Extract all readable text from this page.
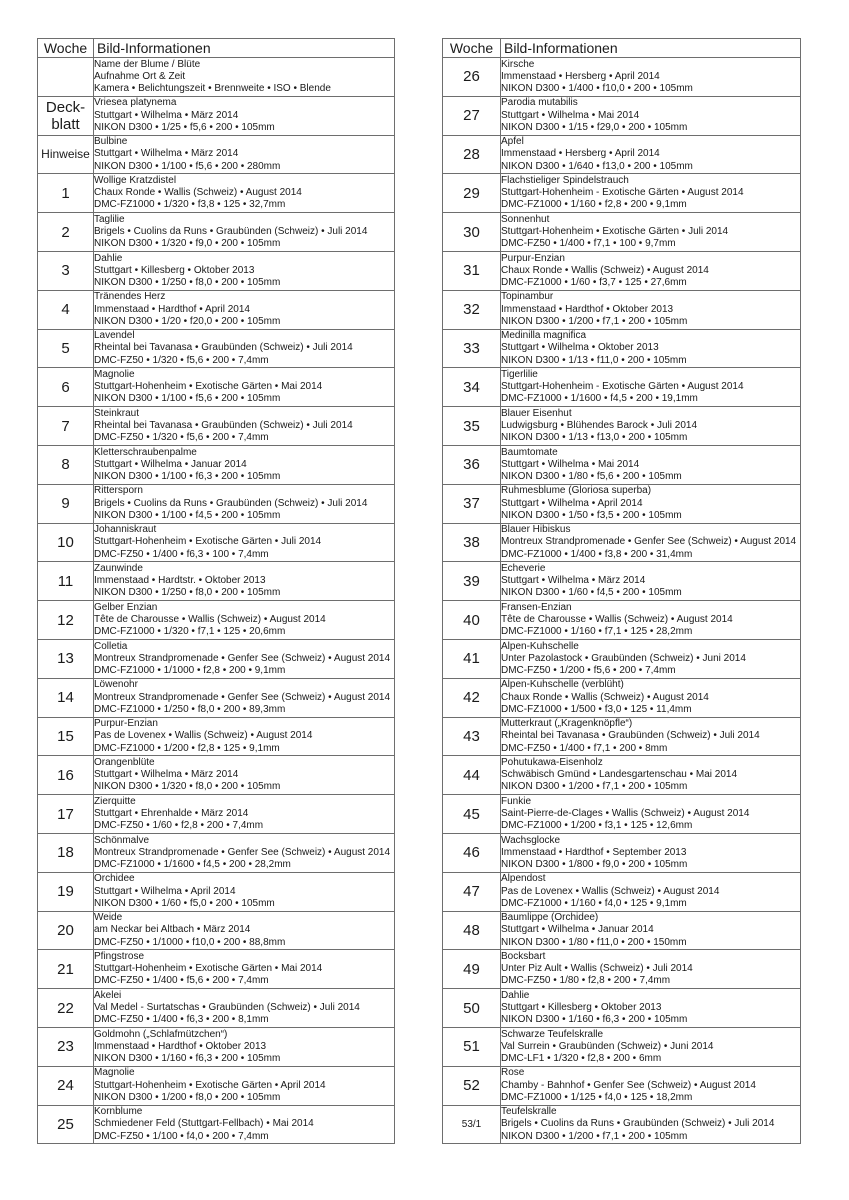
Woche	Bild-Informationen

	Name der Blume / Blüte
Aufnahme Ort & Zeit
Kamera • Belichtungszeit • Brennweite • ISO • Blende

Deck-
blatt	Vriesea platynema
Stuttgart • Wilhelma • März 2014
NIKON D300 • 1/25 • f5,6 • 200 • 105mm

Hinweise	Bulbine
Stuttgart • Wilhelma • März 2014
NIKON D300 • 1/100 • f5,6 • 200 • 280mm

1	Wollige Kratzdistel
Chaux Ronde • Wallis (Schweiz) • August 2014
DMC-FZ1000 • 1/320 • f3,8 • 125 • 32,7mm

2	Taglilie
Brigels • Cuolins da Runs • Graubünden (Schweiz) • Juli 2014
NIKON D300 • 1/320 • f9,0 • 200 • 105mm

3	Dahlie
Stuttgart • Killesberg • Oktober 2013
NIKON D300 • 1/250 • f8,0 • 200 • 105mm

4	Tränendes Herz
Immenstaad • Hardthof • April 2014
NIKON D300 • 1/20 • f20,0 • 200 • 105mm

5	Lavendel
Rheintal bei Tavanasa • Graubünden (Schweiz) • Juli 2014
DMC-FZ50 • 1/320 • f5,6 • 200 • 7,4mm

6	Magnolie
Stuttgart-Hohenheim • Exotische Gärten • Mai 2014
NIKON D300 • 1/100 • f5,6 • 200 • 105mm

7	Steinkraut
Rheintal bei Tavanasa • Graubünden (Schweiz) • Juli 2014
DMC-FZ50 • 1/320 • f5,6 • 200 • 7,4mm

8	Kletterschraubenpalme
Stuttgart • Wilhelma • Januar 2014
NIKON D300 • 1/100 • f6,3 • 200 • 105mm

9	Rittersporn
Brigels • Cuolins da Runs • Graubünden (Schweiz) • Juli 2014
NIKON D300 • 1/100 • f4,5 • 200 • 105mm

10	Johanniskraut
Stuttgart-Hohenheim • Exotische Gärten • Juli 2014
DMC-FZ50 • 1/400 • f6,3 • 100 • 7,4mm

11	Zaunwinde
Immenstaad • Hardtstr. • Oktober 2013
NIKON D300 • 1/250 • f8,0 • 200 • 105mm

12	Gelber Enzian
Tête de Charousse • Wallis (Schweiz) • August 2014
DMC-FZ1000 • 1/320 • f7,1 • 125 • 20,6mm

13	Colletia
Montreux Strandpromenade • Genfer See (Schweiz) • August 2014
DMC-FZ1000 • 1/1000 • f2,8 • 200 • 9,1mm

14	Löwenohr
Montreux Strandpromenade • Genfer See (Schweiz) • August 2014
DMC-FZ1000 • 1/250 • f8,0 • 200 • 89,3mm

15	Purpur-Enzian
Pas de Lovenex • Wallis (Schweiz) • August 2014
DMC-FZ1000 • 1/200 • f2,8 • 125 • 9,1mm

16	Orangenblüte
Stuttgart • Wilhelma • März 2014
NIKON D300 • 1/320 • f8,0 • 200 • 105mm

17	Zierquitte
Stuttgart • Ehrenhalde • März 2014
DMC-FZ50 • 1/60 • f2,8 • 200 • 7,4mm

18	Schönmalve
Montreux Strandpromenade • Genfer See (Schweiz) • August 2014
DMC-FZ1000 • 1/1600 • f4,5 • 200 • 28,2mm

19	Orchidee
Stuttgart • Wilhelma • April 2014
NIKON D300 • 1/60 • f5,0 • 200 • 105mm

20	Weide
am Neckar bei Altbach • März 2014
DMC-FZ50 • 1/1000 • f10,0 • 200 • 88,8mm

21	Pfingstrose
Stuttgart-Hohenheim • Exotische Gärten • Mai 2014
DMC-FZ50 • 1/400 • f5,6 • 200 • 7,4mm

22	Akelei
Val Medel - Surtatschas • Graubünden (Schweiz) • Juli 2014
DMC-FZ50 • 1/400 • f6,3 • 200 • 8,1mm

23	Goldmohn („Schlafmützchen“)
Immenstaad • Hardthof • Oktober 2013
NIKON D300 • 1/160 • f6,3 • 200 • 105mm

24	Magnolie
Stuttgart-Hohenheim • Exotische Gärten • April 2014
NIKON D300 • 1/200 • f8,0 • 200 • 105mm

25	Kornblume
Schmiedener Feld (Stuttgart-Fellbach) • Mai 2014
DMC-FZ50 • 1/100 • f4,0 • 200 • 7,4mm
Woche	Bild-Informationen

26	Kirsche
Immenstaad • Hersberg • April 2014
NIKON D300 • 1/400 • f10,0 • 200 • 105mm

27	Parodia mutabilis
Stuttgart • Wilhelma • Mai 2014
NIKON D300 • 1/15 • f29,0 • 200 • 105mm

28	Apfel
Immenstaad • Hersberg • April 2014
NIKON D300 • 1/640 • f13,0 • 200 • 105mm

29	Flachstieliger Spindelstrauch
Stuttgart-Hohenheim - Exotische Gärten • August 2014
DMC-FZ1000 • 1/160 • f2,8 • 200 • 9,1mm

30	Sonnenhut
Stuttgart-Hohenheim • Exotische Gärten • Juli 2014
DMC-FZ50 • 1/400 • f7,1 • 100 • 9,7mm

31	Purpur-Enzian
Chaux Ronde • Wallis (Schweiz) • August 2014
DMC-FZ1000 • 1/60 • f3,7 • 125 • 27,6mm

32	Topinambur
Immenstaad • Hardthof • Oktober 2013
NIKON D300 • 1/200 • f7,1 • 200 • 105mm

33	Medinilla magnifica
Stuttgart • Wilhelma • Oktober 2013
NIKON D300 • 1/13 • f11,0 • 200 • 105mm

34	Tigerlilie
Stuttgart-Hohenheim - Exotische Gärten • August 2014
DMC-FZ1000 • 1/1600 • f4,5 • 200 • 19,1mm

35	Blauer Eisenhut
Ludwigsburg • Blühendes Barock • Juli 2014
NIKON D300 • 1/13 • f13,0 • 200 • 105mm

36	Baumtomate
Stuttgart • Wilhelma • Mai 2014
NIKON D300 • 1/80 • f5,6 • 200 • 105mm

37	Ruhmesblume (Gloriosa superba)
Stuttgart • Wilhelma • April 2014
NIKON D300 • 1/50 • f3,5 • 200 • 105mm

38	Blauer Hibiskus
Montreux Strandpromenade • Genfer See (Schweiz) • August 2014
DMC-FZ1000 • 1/400 • f3,8 • 200 • 31,4mm

39	Echeverie
Stuttgart • Wilhelma • März 2014
NIKON D300 • 1/60 • f4,5 • 200 • 105mm

40	Fransen-Enzian
Tête de Charousse • Wallis (Schweiz) • August 2014
DMC-FZ1000 • 1/160 • f7,1 • 125 • 28,2mm

41	Alpen-Kuhschelle
Unter Pazolastock • Graubünden (Schweiz) • Juni 2014
DMC-FZ50 • 1/200 • f5,6 • 200 • 7,4mm

42	Alpen-Kuhschelle (verblüht)
Chaux Ronde • Wallis (Schweiz) • August 2014
DMC-FZ1000 • 1/500 • f3,0 • 125 • 11,4mm

43	Mutterkraut („Kragenknöpfle“)
Rheintal bei Tavanasa • Graubünden (Schweiz) • Juli 2014
DMC-FZ50 • 1/400 • f7,1 • 200 • 8mm

44	Pohutukawa-Eisenholz
Schwäbisch Gmünd • Landesgartenschau • Mai 2014
NIKON D300 • 1/200 • f7,1 • 200 • 105mm

45	Funkie
Saint-Pierre-de-Clages • Wallis (Schweiz) • August 2014
DMC-FZ1000 • 1/200 • f3,1 • 125 • 12,6mm

46	Wachsglocke
Immenstaad • Hardthof • September 2013
NIKON D300 • 1/800 • f9,0 • 200 • 105mm

47	Alpendost
Pas de Lovenex • Wallis (Schweiz) • August 2014
DMC-FZ1000 • 1/160 • f4,0 • 125 • 9,1mm

48	Baumlippe (Orchidee)
Stuttgart • Wilhelma • Januar 2014
NIKON D300 • 1/80 • f11,0 • 200 • 150mm

49	Bocksbart
Unter Piz Ault • Wallis (Schweiz) • Juli 2014
DMC-FZ50 • 1/80 • f2,8 • 200 • 7,4mm

50	Dahlie
Stuttgart • Killesberg • Oktober 2013
NIKON D300 • 1/160 • f6,3 • 200 • 105mm

51	Schwarze Teufelskralle
Val Surrein • Graubünden (Schweiz) • Juni 2014
DMC-LF1 • 1/320 • f2,8 • 200 • 6mm

52	Rose
Chamby - Bahnhof • Genfer See (Schweiz) • August 2014
DMC-FZ1000 • 1/125 • f4,0 • 125 • 18,2mm

53/1	Teufelskralle
Brigels • Cuolins da Runs • Graubünden (Schweiz) • Juli 2014
NIKON D300 • 1/200 • f7,1 • 200 • 105mm
